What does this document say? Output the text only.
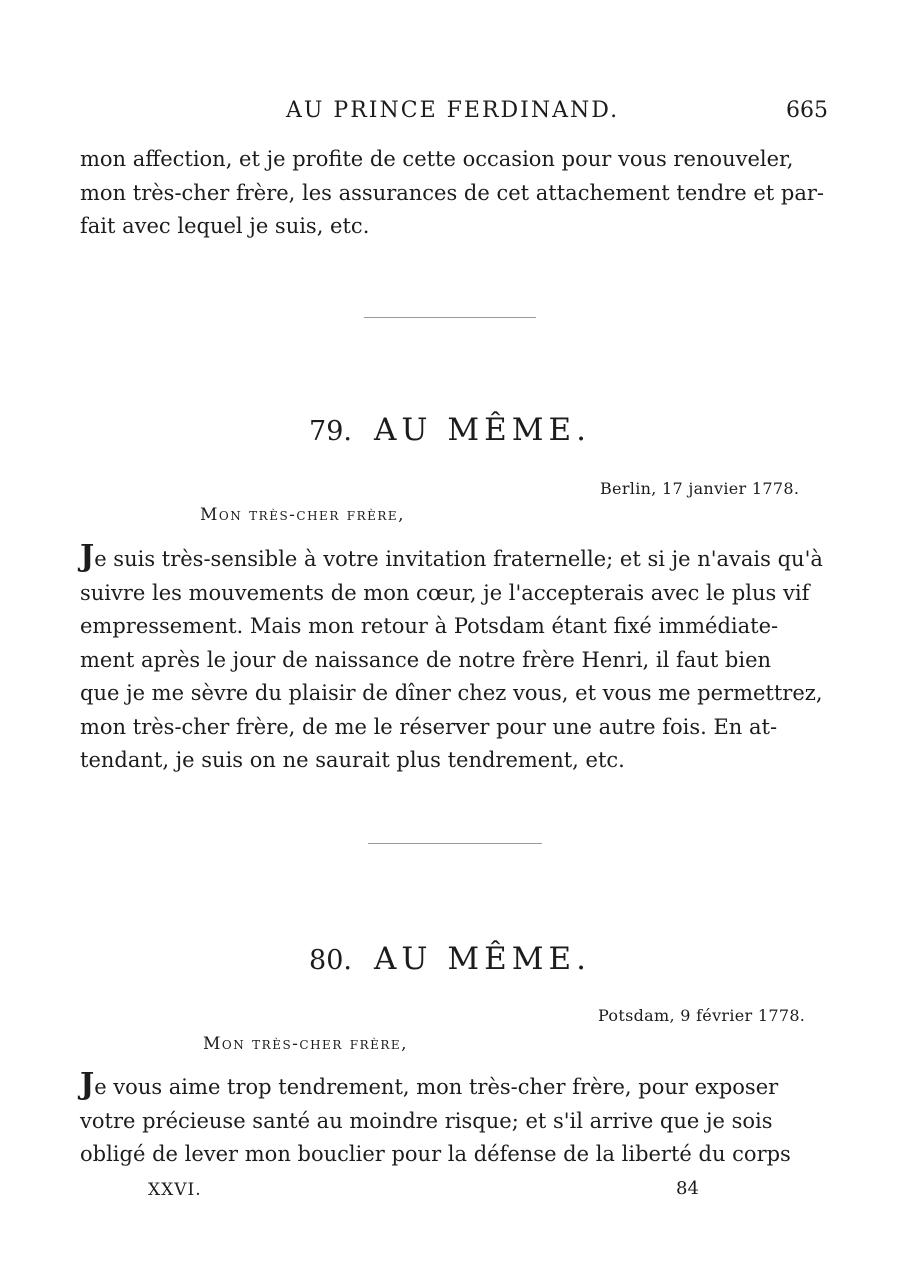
AU PRINCE FERDINAND.	665
mon affection, et je profite de cette occasion pour vous renouveler,
mon très-cher frère, les assurances de cet attachement tendre et par-
fait avec lequel je suis, etc.
79. AU MÊME.
Berlin, 17 janvier 1778.
Mon très-cher frère,
Je suis très-sensible à votre invitation fraternelle; et si je n'avais qu'à
suivre les mouvements de mon cœur, je l'accepterais avec le plus vif
empressement. Mais mon retour à Potsdam étant fixé immédiate-
ment après le jour de naissance de notre frère Henri, il faut bien
que je me sèvre du plaisir de dîner chez vous, et vous me permettrez,
mon très-cher frère, de me le réserver pour une autre fois. En at-
tendant, je suis on ne saurait plus tendrement, etc.
80. AU MÊME.
Potsdam, 9 février 1778.
Mon très-cher frère,
Je vous aime trop tendrement, mon très-cher frère, pour exposer
votre précieuse santé au moindre risque; et s'il arrive que je sois
obligé de lever mon bouclier pour la défense de la liberté du corps
XXVI.	84
